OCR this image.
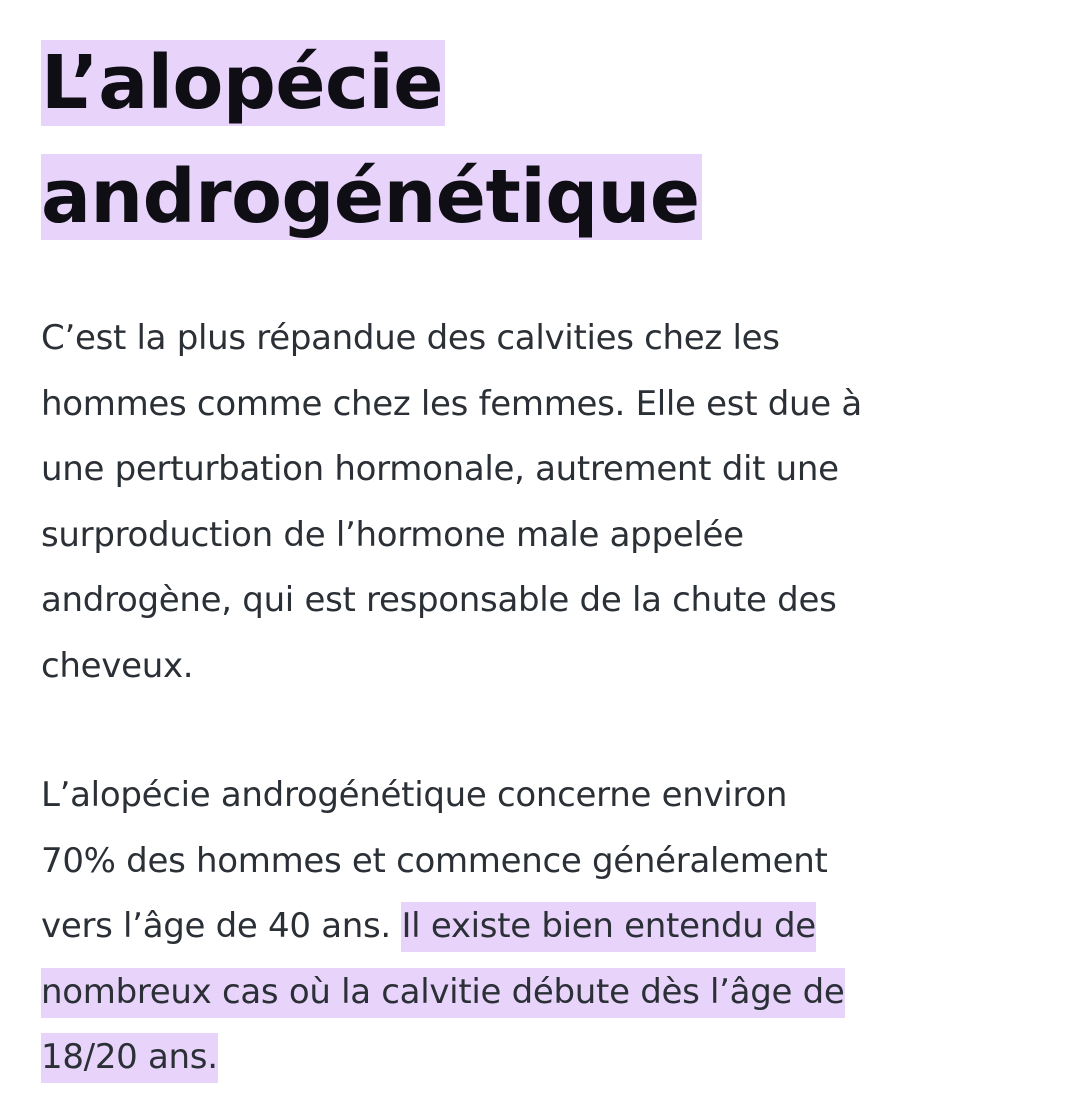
L’alopécie
androgénétique

C’est la plus répandue des calvities chez les
hommes comme chez les femmes. Elle est due à
une perturbation hormonale, autrement dit une
surproduction de l’hormone male appelée
androgène, qui est responsable de la chute des
cheveux.

L’alopécie androgénétique concerne environ
70% des hommes et commence généralement
vers l’âge de 40 ans. Il existe bien entendu de
nombreux cas où la calvitie débute dès l’âge de
18/20 ans.
